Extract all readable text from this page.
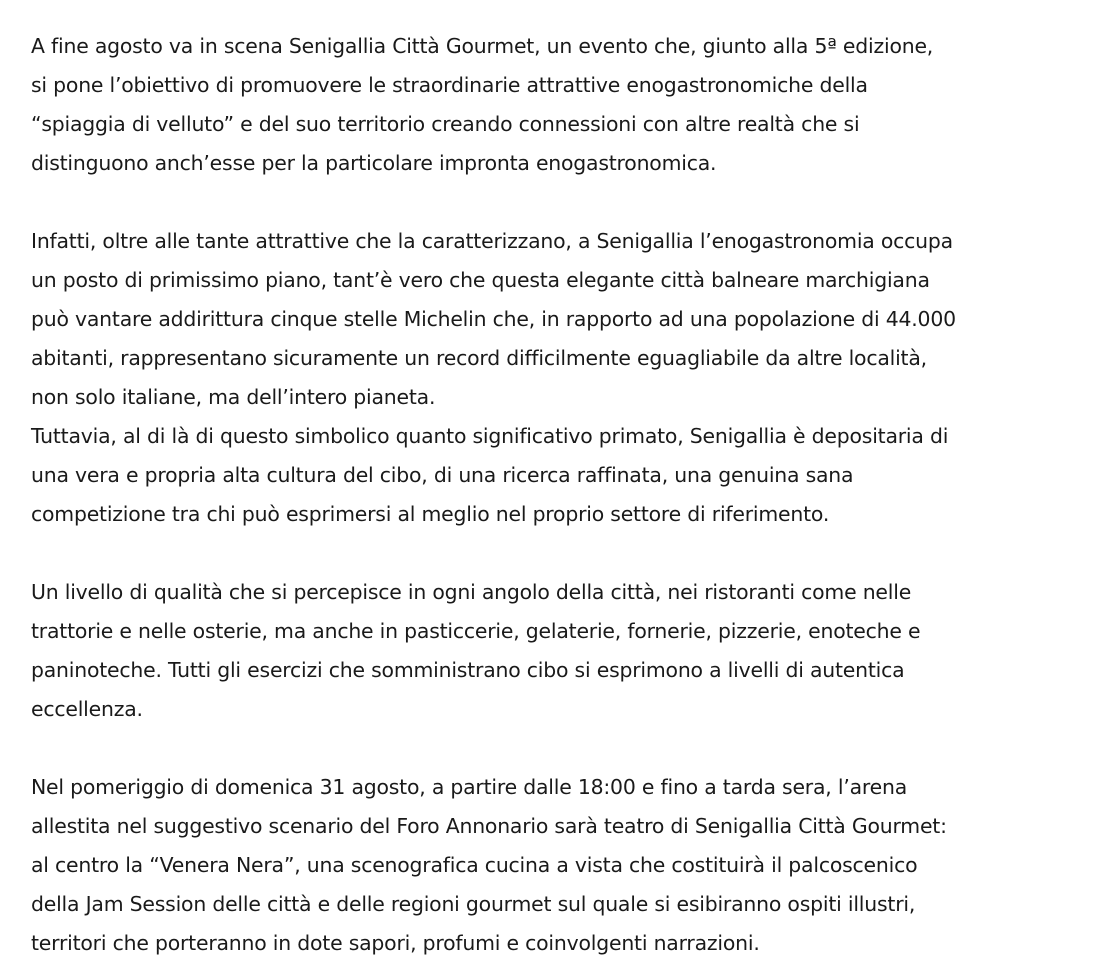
A fine agosto va in scena Senigallia Città Gourmet, un evento che, giunto alla 5ª edizione,
si pone l’obiettivo di promuovere le straordinarie attrattive enogastronomiche della
“spiaggia di velluto” e del suo territorio creando connessioni con altre realtà che si
distinguono anch’esse per la particolare impronta enogastronomica.
Infatti, oltre alle tante attrattive che la caratterizzano, a Senigallia l’enogastronomia occupa
un posto di primissimo piano, tant’è vero che questa elegante città balneare marchigiana
può vantare addirittura cinque stelle Michelin che, in rapporto ad una popolazione di 44.000
abitanti, rappresentano sicuramente un record difficilmente eguagliabile da altre località,
non solo italiane, ma dell’intero pianeta.
Tuttavia, al di là di questo simbolico quanto significativo primato, Senigallia è depositaria di
una vera e propria alta cultura del cibo, di una ricerca raffinata, una genuina sana
competizione tra chi può esprimersi al meglio nel proprio settore di riferimento.
Un livello di qualità che si percepisce in ogni angolo della città, nei ristoranti come nelle
trattorie e nelle osterie, ma anche in pasticcerie, gelaterie, fornerie, pizzerie, enoteche e
paninoteche. Tutti gli esercizi che somministrano cibo si esprimono a livelli di autentica
eccellenza.
Nel pomeriggio di domenica 31 agosto, a partire dalle 18:00 e fino a tarda sera, l’arena
allestita nel suggestivo scenario del Foro Annonario sarà teatro di Senigallia Città Gourmet:
al centro la “Venera Nera”, una scenografica cucina a vista che costituirà il palcoscenico
della Jam Session delle città e delle regioni gourmet sul quale si esibiranno ospiti illustri,
territori che porteranno in dote sapori, profumi e coinvolgenti narrazioni.
